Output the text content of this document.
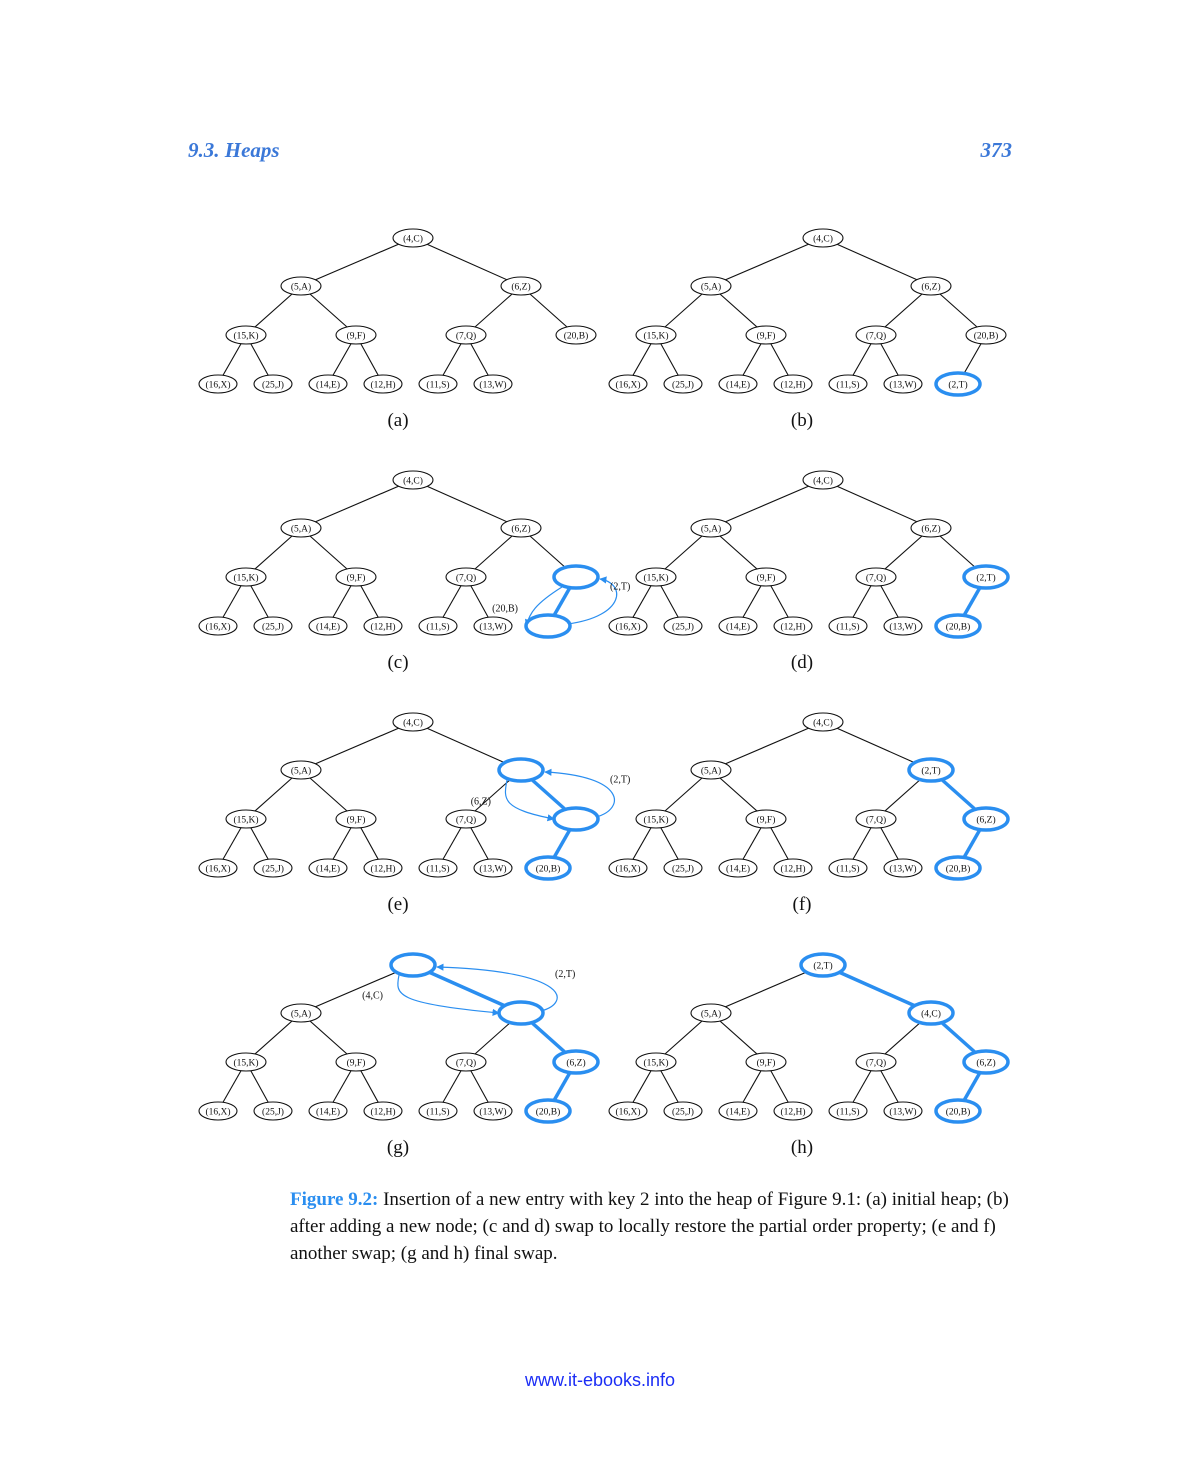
9.3. Heaps	373
(4,C)
(5,A)	(6,Z)
(15,K)	(9,F)	(7,Q)	(20,B)
(16,X)	(25,J)	(14,E)	(12,H)	(11,S)	(13,W)
(a)
(4,C)
(5,A)	(6,Z)
(15,K)	(9,F)	(7,Q)	(20,B)
(16,X)	(25,J)	(14,E)	(12,H)	(11,S)	(13,W)	(2,T)
(b)
(2,T)
(20,B)
(4,C)
(5,A)	(6,Z)
(15,K)	(9,F)	(7,Q)
(16,X)	(25,J)	(14,E)	(12,H)	(11,S)	(13,W)
(c)
(4,C)
(5,A)	(6,Z)
(15,K)	(9,F)	(7,Q)	(2,T)
(16,X)	(25,J)	(14,E)	(12,H)	(11,S)	(13,W)	(20,B)
(d)
(2,T)
(6,Z)
(4,C)
(5,A)
(15,K)	(9,F)	(7,Q)
(16,X)	(25,J)	(14,E)	(12,H)	(11,S)	(13,W)	(20,B)
(e)
(4,C)
(5,A)	(2,T)
(15,K)	(9,F)	(7,Q)	(6,Z)
(16,X)	(25,J)	(14,E)	(12,H)	(11,S)	(13,W)	(20,B)
(f)
(2,T)
(4,C)
(5,A)
(15,K)	(9,F)	(7,Q)	(6,Z)
(16,X)	(25,J)	(14,E)	(12,H)	(11,S)	(13,W)	(20,B)
(g)
(2,T)
(5,A)	(4,C)
(15,K)	(9,F)	(7,Q)	(6,Z)
(16,X)	(25,J)	(14,E)	(12,H)	(11,S)	(13,W)	(20,B)
(h)
Figure 9.2: Insertion of a new entry with key 2 into the heap of Figure 9.1: (a) initial heap; (b) after adding a new node; (c and d) swap to locally restore the partial order property; (e and f) another swap; (g and h) final swap.
www.it-ebooks.info
